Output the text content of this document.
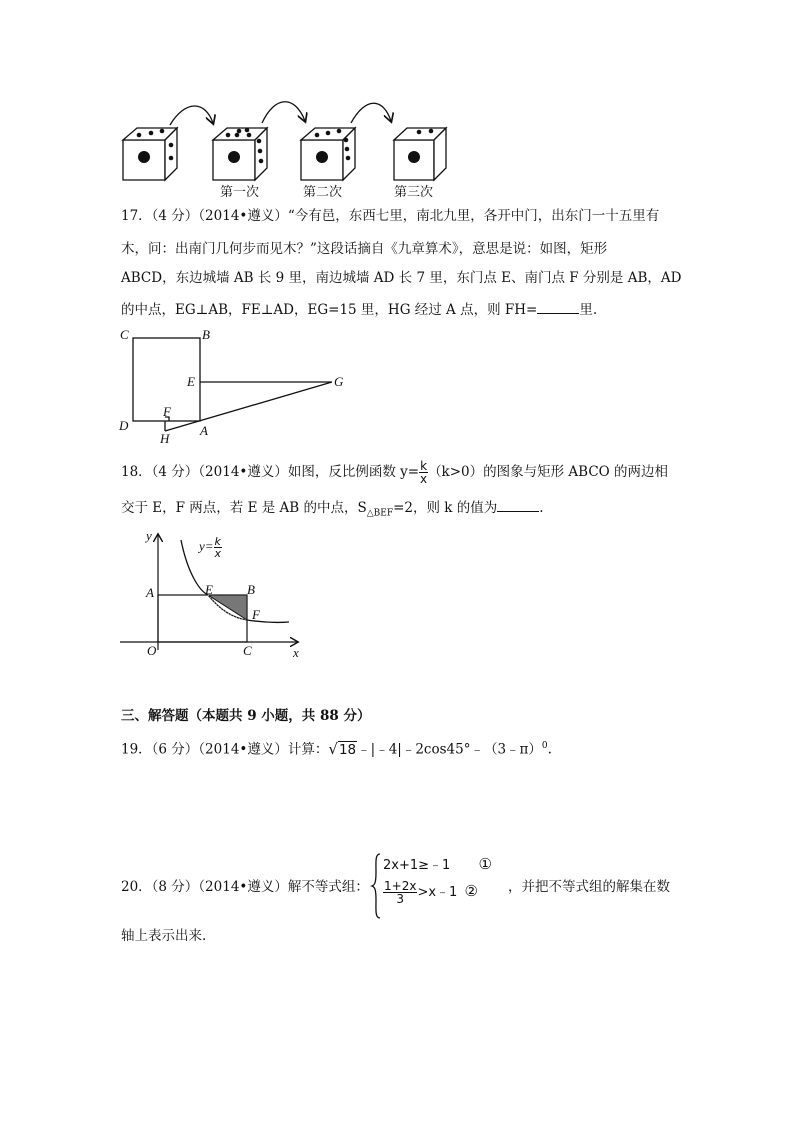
第一次	第二次	第三次
17．（4 分）（2014•遵义）“今有邑，东西七里，南北九里，各开中门，出东门一十五里有
木，问：出南门几何步而见木？”这段话摘自《九章算术》，意思是说：如图，矩形
ABCD，东边城墙 AB 长 9 里，南边城墙 AD 长 7 里，东门点 E、南门点 F 分别是 AB，AD
的中点，EG⊥AB，FE⊥AD，EG=15 里，HG 经过 A 点，则 FH=	里.
C	B
E	G
F
D
H
A
18．（4 分）（2014•遵义）如图，反比例函数 $y= \frac{k}{x} (k>0)$的图象与矩形 ABCO 的两边相
交于 E，F 两点，若 E 是 AB 的中点，$S_{\triangle BEF}=2$，则 k 的值为	.
y
$y= \frac{k}{x}$
A	E	B
F
O	C	x
三、解答题（本题共 9 小题，共 88 分）
19．（6 分）（2014•遵义）计算：√18﹣|﹣4|﹣2cos45°﹣（3﹣π）$^0$.
20．（8 分）（2014•遵义）解不等式组：
2x+1≥﹣1 ①
$\frac{1+2x}{3}$ >x﹣1 ② ，并把不等式组的解集在数
轴上表示出来.
